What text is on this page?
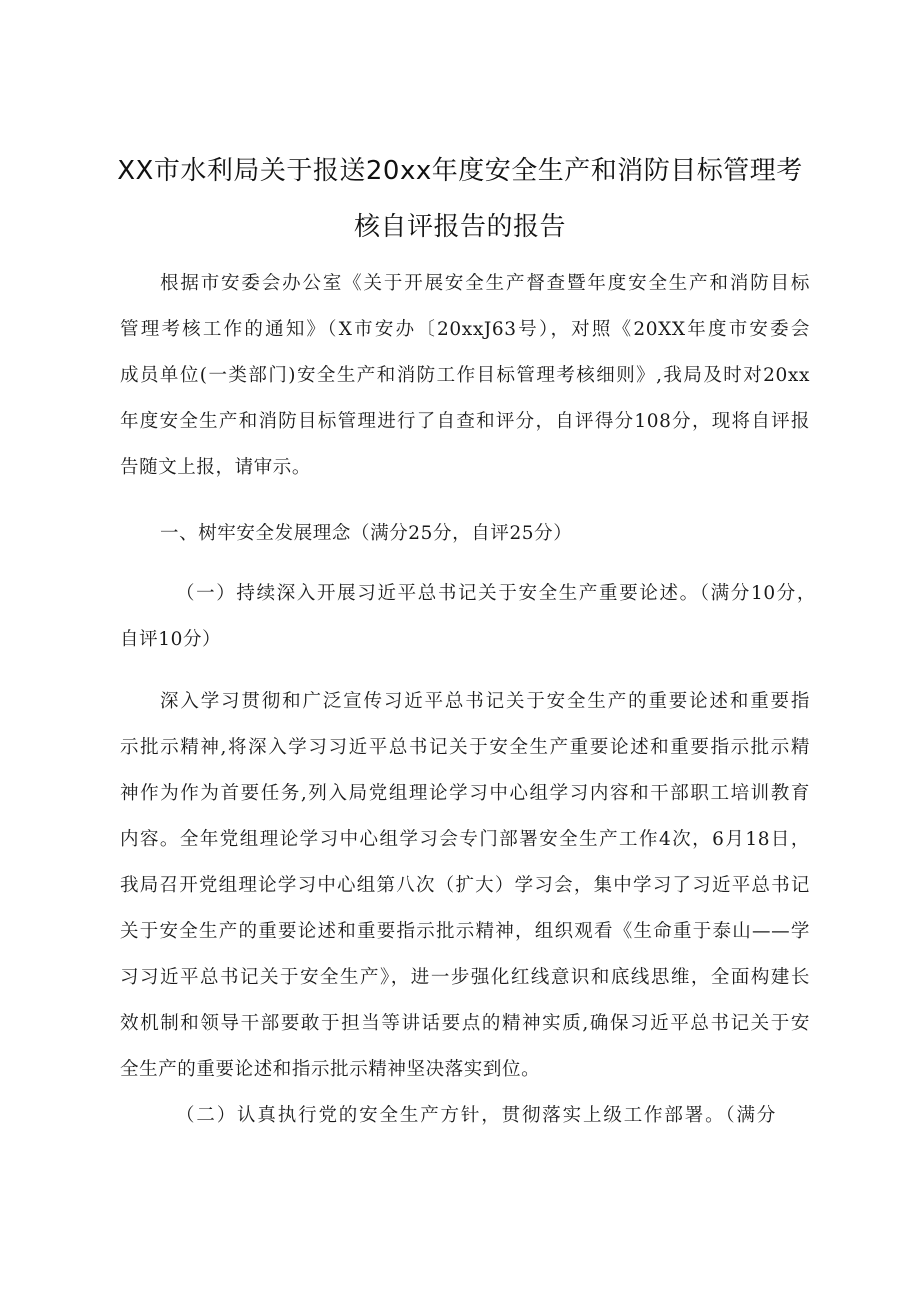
XX市水利局关于报送20xx年度安全生产和消防目标管理考
核自评报告的报告
根据市安委会办公室《关于开展安全生产督查暨年度安全生产和消防目标
管理考核工作的通知》（X市安办〔20xxJ63号），对照《20XX年度市安委会
成员单位(一类部门)安全生产和消防工作目标管理考核细则》,我局及时对20xx
年度安全生产和消防目标管理进行了自查和评分，自评得分108分，现将自评报
告随文上报，请审示。
一、树牢安全发展理念（满分25分，自评25分）
（一）持续深入开展习近平总书记关于安全生产重要论述。（满分10分，
自评10分）
深入学习贯彻和广泛宣传习近平总书记关于安全生产的重要论述和重要指
示批示精神,将深入学习习近平总书记关于安全生产重要论述和重要指示批示精
神作为作为首要任务,列入局党组理论学习中心组学习内容和干部职工培训教育
内容。全年党组理论学习中心组学习会专门部署安全生产工作4次，6月18日，
我局召开党组理论学习中心组第八次（扩大）学习会，集中学习了习近平总书记
关于安全生产的重要论述和重要指示批示精神，组织观看《生命重于泰山——学
习习近平总书记关于安全生产》，进一步强化红线意识和底线思维，全面构建长
效机制和领导干部要敢于担当等讲话要点的精神实质,确保习近平总书记关于安
全生产的重要论述和指示批示精神坚决落实到位。
（二）认真执行党的安全生产方针，贯彻落实上级工作部署。（满分
